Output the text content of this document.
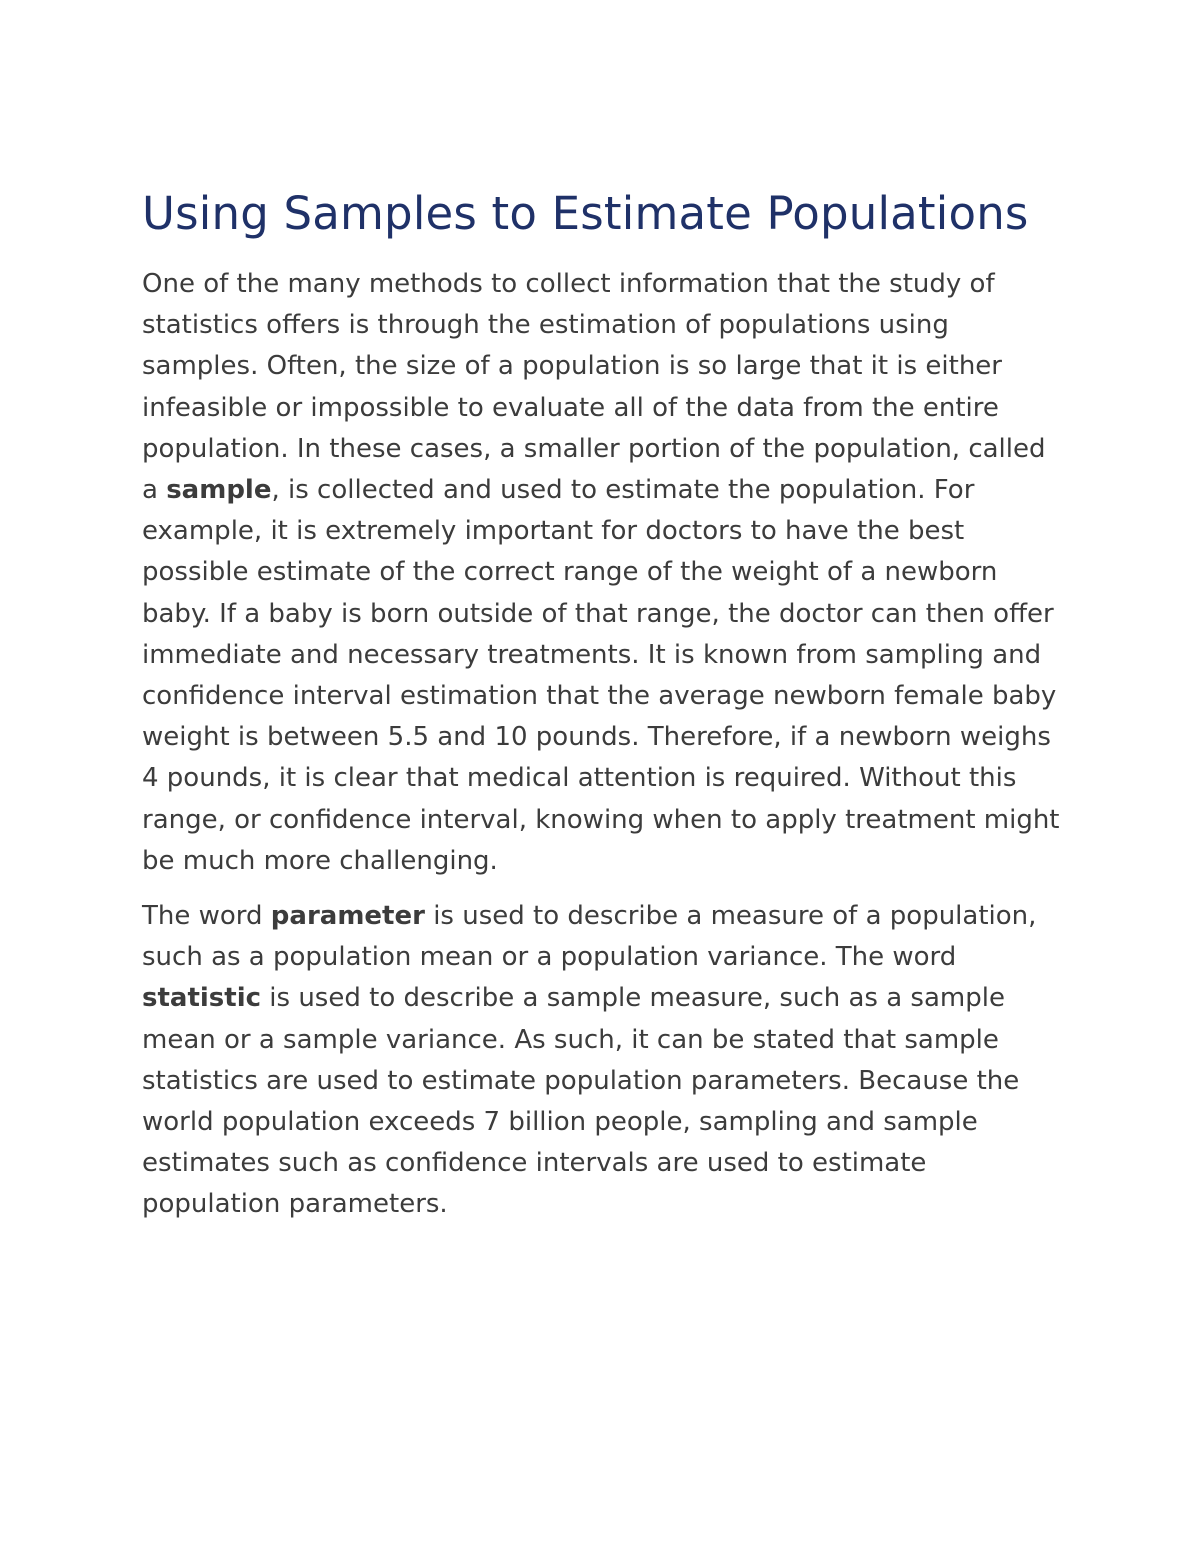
Using Samples to Estimate Populations

One of the many methods to collect information that the study of statistics offers is through the estimation of populations using samples. Often, the size of a population is so large that it is either infeasible or impossible to evaluate all of the data from the entire population. In these cases, a smaller portion of the population, called a sample, is collected and used to estimate the population. For example, it is extremely important for doctors to have the best possible estimate of the correct range of the weight of a newborn baby. If a baby is born outside of that range, the doctor can then offer immediate and necessary treatments. It is known from sampling and confidence interval estimation that the average newborn female baby weight is between 5.5 and 10 pounds. Therefore, if a newborn weighs 4 pounds, it is clear that medical attention is required. Without this range, or confidence interval, knowing when to apply treatment might be much more challenging.

The word parameter is used to describe a measure of a population, such as a population mean or a population variance. The word statistic is used to describe a sample measure, such as a sample mean or a sample variance. As such, it can be stated that sample statistics are used to estimate population parameters. Because the world population exceeds 7 billion people, sampling and sample estimates such as confidence intervals are used to estimate population parameters.
